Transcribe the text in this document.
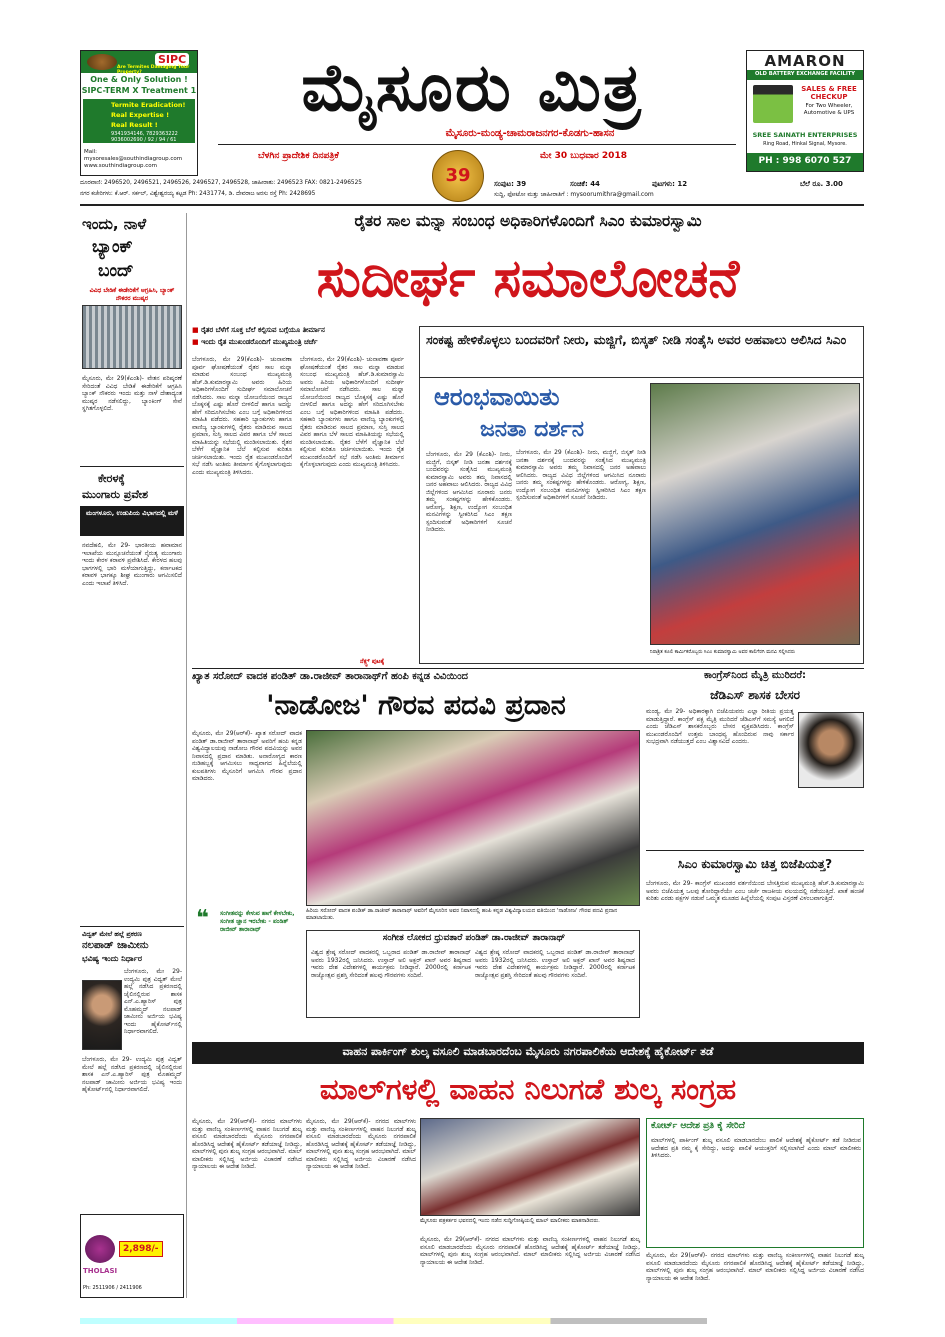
SIPC
Are Termites Damaging Your Property?
One & Only Solution !
SIPC-TERM X Treatment 1
Termite Eradication!
Real Expertise !
Real Result !
9341934146, 7829363222 9036002690 / 92 / 94 / 61
Mail: mysoresales@southindiagroup.com www.southindiagroup.com
AMARON
OLD BATTERY EXCHANGE FACILITY
SALES & FREE CHECKUP
For Two Wheeler, Automotive & UPS
SREE SAINATH ENTERPRISES
Ring Road, Hinkal Signal, Mysore.
PH : 998 6070 527
ಮೈಸೂರು ಮಿತ್ರ
ಮೈಸೂರು-ಮಂಡ್ಯ-ಚಾಮರಾಜನಗರ-ಕೊಡಗು-ಹಾಸನ
ಬೆಳಗಿನ ಪ್ರಾದೇಶಿಕ ದಿನಪತ್ರಿಕೆ
39
ಮೇ 30 ಬುಧವಾರ 2018
ದೂರವಾಣಿ: 2496520, 2496521, 2496526, 2496527, 2496528, ಜಾಹೀರಾತು: 2496523 FAX: 0821-2496525
ನಗರ ಕಚೇರಿಗಳು: ಕೆ.ಆರ್. ಸರ್ಕಲ್, ವಿಶ್ವೇಶ್ವರಯ್ಯ ಕಟ್ಟಡ Ph: 2431774, ಡಿ. ದೇವರಾಜ ಅರಸು ರಸ್ತೆ Ph: 2428695
ಸಂಪುಟ: 39	ಸಂಚಿಕೆ: 44	ಪುಟಗಳು: 12	ಬೆಲೆ ರೂ. 3.00
ಸುದ್ದಿ, ಫೋಟೋ ಮತ್ತು ಜಾಹೀರಾತಿಗೆ : mysoorumithra@gmail.com
ಇಂದು, ನಾಳೆ
ಬ್ಯಾಂಕ್
ಬಂದ್
ವಿವಿಧ ಬೇಡಿಕೆ ಈಡೇರಿಕೆಗೆ ಆಗ್ರಹಿಸಿ, ಬ್ಯಾಂಕ್ ನೌಕರರ ಮುಷ್ಕರ
ಮೈಸೂರು, ಮೇ 29(ಕೆಎಂಶಿ)- ವೇತನ ಪರಿಷ್ಕರಣೆ ಸೇರಿದಂತೆ ವಿವಿಧ ಬೇಡಿಕೆ ಈಡೇರಿಕೆಗೆ ಆಗ್ರಹಿಸಿ ಬ್ಯಾಂಕ್ ನೌಕರರು ಇಂದು ಮತ್ತು ನಾಳೆ ದೇಶಾದ್ಯಂತ ಮುಷ್ಕರ ನಡೆಸಲಿದ್ದು, ಬ್ಯಾಂಕಿಂಗ್ ಸೇವೆ ಸ್ಥಗಿತಗೊಳ್ಳಲಿದೆ.
ಕೇರಳಕ್ಕೆ
ಮುಂಗಾರು ಪ್ರವೇಶ
ಮಂಗಳೂರು, ಉಡುಪಿಯ ವಿಭಾಗದಲ್ಲಿ ಮಳೆ
ನವದೆಹಲಿ, ಮೇ 29- ಭಾರತೀಯ ಹವಾಮಾನ ಇಲಾಖೆಯ ಮುನ್ಸೂಚನೆಯಂತೆ ನೈರುತ್ಯ ಮುಂಗಾರು ಇಂದು ಕೇರಳ ಕರಾವಳಿ ಪ್ರವೇಶಿಸಿದೆ. ಕೇರಳದ ಹಲವು ಭಾಗಗಳಲ್ಲಿ ಭಾರಿ ಮಳೆಯಾಗುತ್ತಿದ್ದು, ಕರ್ನಾಟಕದ ಕರಾವಳಿ ಭಾಗಕ್ಕೂ ಶೀಘ್ರ ಮುಂಗಾರು ಆಗಮಿಸಲಿದೆ ಎಂದು ಇಲಾಖೆ ತಿಳಿಸಿದೆ.
ವಿದ್ವತ್ ಮೇಲೆ ಹಲ್ಲೆ ಪ್ರಕರಣ
ನಲಪಾಡ್ ಜಾಮೀನು
ಭವಿಷ್ಯ ಇಂದು ನಿರ್ಧಾರ
ಬೆಂಗಳೂರು, ಮೇ 29- ಉದ್ಯಮಿ ಪುತ್ರ ವಿದ್ವತ್ ಮೇಲೆ ಹಲ್ಲೆ ನಡೆಸಿದ ಪ್ರಕರಣದಲ್ಲಿ ಜೈಲಿನಲ್ಲಿರುವ ಶಾಸಕ ಎನ್.ಎ.ಹ್ಯಾರಿಸ್ ಪುತ್ರ ಮೊಹಮ್ಮದ್ ನಲಪಾಡ್ ಜಾಮೀನು ಅರ್ಜಿಯ ಭವಿಷ್ಯ ಇಂದು ಹೈಕೋರ್ಟ್‌ನಲ್ಲಿ ನಿರ್ಧಾರವಾಗಲಿದೆ.
ಬೆಂಗಳೂರು, ಮೇ 29- ಉದ್ಯಮಿ ಪುತ್ರ ವಿದ್ವತ್ ಮೇಲೆ ಹಲ್ಲೆ ನಡೆಸಿದ ಪ್ರಕರಣದಲ್ಲಿ ಜೈಲಿನಲ್ಲಿರುವ ಶಾಸಕ ಎನ್.ಎ.ಹ್ಯಾರಿಸ್ ಪುತ್ರ ಮೊಹಮ್ಮದ್ ನಲಪಾಡ್ ಜಾಮೀನು ಅರ್ಜಿಯ ಭವಿಷ್ಯ ಇಂದು ಹೈಕೋರ್ಟ್‌ನಲ್ಲಿ ನಿರ್ಧಾರವಾಗಲಿದೆ.
THOLASI
2,898/-
Ph: 2511906 / 2411906
ರೈತರ ಸಾಲ ಮನ್ನಾ ಸಂಬಂಧ ಅಧಿಕಾರಿಗಳೊಂದಿಗೆ ಸಿಎಂ ಕುಮಾರಸ್ವಾಮಿ
ಸುದೀರ್ಘ ಸಮಾಲೋಚನೆ
■ ರೈತರ ಬೆಳೆಗೆ ಸೂಕ್ತ ಬೆಲೆ ಕಲ್ಪಿಸುವ ಬಗ್ಗೆಯೂ ತೀರ್ಮಾನ
■ ಇಂದು ರೈತ ಮುಖಂಡರೊಂದಿಗೆ ಮುಖ್ಯಮಂತ್ರಿ ಚರ್ಚೆ
ಬೆಂಗಳೂರು, ಮೇ 29(ಕೆಎಂಶಿ)- ಚುನಾವಣಾ ಪೂರ್ವ ಘೋಷಣೆಯಂತೆ ರೈತರ ಸಾಲ ಮನ್ನಾ ಮಾಡುವ ಸಂಬಂಧ ಮುಖ್ಯಮಂತ್ರಿ ಹೆಚ್.ಡಿ.ಕುಮಾರಸ್ವಾಮಿ ಅವರು ಹಿರಿಯ ಅಧಿಕಾರಿಗಳೊಂದಿಗೆ ಸುದೀರ್ಘ ಸಮಾಲೋಚನೆ ನಡೆಸಿದರು. ಸಾಲ ಮನ್ನಾ ಯೋಜನೆಯಿಂದ ರಾಜ್ಯದ ಬೊಕ್ಕಸಕ್ಕೆ ಎಷ್ಟು ಹೊರೆ ಬೀಳಲಿದೆ ಹಾಗೂ ಅದನ್ನು ಹೇಗೆ ಸರಿದೂಗಿಸಬೇಕು ಎಂಬ ಬಗ್ಗೆ ಅಧಿಕಾರಿಗಳಿಂದ ಮಾಹಿತಿ ಪಡೆದರು. ಸಹಕಾರಿ ಬ್ಯಾಂಕುಗಳು ಹಾಗೂ ವಾಣಿಜ್ಯ ಬ್ಯಾಂಕುಗಳಲ್ಲಿ ರೈತರು ಮಾಡಿರುವ ಸಾಲದ ಪ್ರಮಾಣ, ಸುಸ್ತಿ ಸಾಲದ ವಿವರ ಹಾಗೂ ಬೆಳೆ ಸಾಲದ ಮಾಹಿತಿಯನ್ನು ಸಭೆಯಲ್ಲಿ ಮಂಡಿಸಲಾಯಿತು. ರೈತರ ಬೆಳೆಗೆ ವೈಜ್ಞಾನಿಕ ಬೆಲೆ ಕಲ್ಪಿಸುವ ಕುರಿತೂ ಚರ್ಚಿಸಲಾಯಿತು. ಇಂದು ರೈತ ಮುಖಂಡರೊಂದಿಗೆ ಸಭೆ ನಡೆಸಿ ಅಂತಿಮ ತೀರ್ಮಾನ ಕೈಗೊಳ್ಳಲಾಗುವುದು ಎಂದು ಮುಖ್ಯಮಂತ್ರಿ ತಿಳಿಸಿದರು.
ಬೆಂಗಳೂರು, ಮೇ 29(ಕೆಎಂಶಿ)- ಚುನಾವಣಾ ಪೂರ್ವ ಘೋಷಣೆಯಂತೆ ರೈತರ ಸಾಲ ಮನ್ನಾ ಮಾಡುವ ಸಂಬಂಧ ಮುಖ್ಯಮಂತ್ರಿ ಹೆಚ್.ಡಿ.ಕುಮಾರಸ್ವಾಮಿ ಅವರು ಹಿರಿಯ ಅಧಿಕಾರಿಗಳೊಂದಿಗೆ ಸುದೀರ್ಘ ಸಮಾಲೋಚನೆ ನಡೆಸಿದರು. ಸಾಲ ಮನ್ನಾ ಯೋಜನೆಯಿಂದ ರಾಜ್ಯದ ಬೊಕ್ಕಸಕ್ಕೆ ಎಷ್ಟು ಹೊರೆ ಬೀಳಲಿದೆ ಹಾಗೂ ಅದನ್ನು ಹೇಗೆ ಸರಿದೂಗಿಸಬೇಕು ಎಂಬ ಬಗ್ಗೆ ಅಧಿಕಾರಿಗಳಿಂದ ಮಾಹಿತಿ ಪಡೆದರು. ಸಹಕಾರಿ ಬ್ಯಾಂಕುಗಳು ಹಾಗೂ ವಾಣಿಜ್ಯ ಬ್ಯಾಂಕುಗಳಲ್ಲಿ ರೈತರು ಮಾಡಿರುವ ಸಾಲದ ಪ್ರಮಾಣ, ಸುಸ್ತಿ ಸಾಲದ ವಿವರ ಹಾಗೂ ಬೆಳೆ ಸಾಲದ ಮಾಹಿತಿಯನ್ನು ಸಭೆಯಲ್ಲಿ ಮಂಡಿಸಲಾಯಿತು. ರೈತರ ಬೆಳೆಗೆ ವೈಜ್ಞಾನಿಕ ಬೆಲೆ ಕಲ್ಪಿಸುವ ಕುರಿತೂ ಚರ್ಚಿಸಲಾಯಿತು. ಇಂದು ರೈತ ಮುಖಂಡರೊಂದಿಗೆ ಸಭೆ ನಡೆಸಿ ಅಂತಿಮ ತೀರ್ಮಾನ ಕೈಗೊಳ್ಳಲಾಗುವುದು ಎಂದು ಮುಖ್ಯಮಂತ್ರಿ ತಿಳಿಸಿದರು.
ನೆಕ್ಸ್ಟ್ ಪುಟಕ್ಕೆ
ಸಂಕಷ್ಟ ಹೇಳಿಕೊಳ್ಳಲು ಬಂದವರಿಗೆ ನೀರು, ಮಜ್ಜಿಗೆ, ಬಿಸ್ಕತ್ ನೀಡಿ ಸಂತೈಸಿ ಅವರ ಅಹವಾಲು ಆಲಿಸಿದ ಸಿಎಂ
ಆರಂಭವಾಯಿತು
ಜನತಾ ದರ್ಶನ
ಬೆಂಗಳೂರು, ಮೇ 29 (ಕೆಎಂಶಿ)- ನೀರು, ಮಜ್ಜಿಗೆ, ಬಿಸ್ಕತ್ ನೀಡಿ ಜನತಾ ದರ್ಶನಕ್ಕೆ ಬಂದವರನ್ನು ಸಂತೈಸಿದ ಮುಖ್ಯಮಂತ್ರಿ ಕುಮಾರಸ್ವಾಮಿ ಅವರು ತಮ್ಮ ನಿವಾಸದಲ್ಲಿ ಜನರ ಅಹವಾಲು ಆಲಿಸಿದರು. ರಾಜ್ಯದ ವಿವಿಧ ಜಿಲ್ಲೆಗಳಿಂದ ಆಗಮಿಸಿದ ನೂರಾರು ಜನರು ತಮ್ಮ ಸಂಕಷ್ಟಗಳನ್ನು ಹೇಳಿಕೊಂಡರು. ಆರೋಗ್ಯ, ಶಿಕ್ಷಣ, ಉದ್ಯೋಗ ಸಂಬಂಧಿತ ಮನವಿಗಳನ್ನು ಸ್ವೀಕರಿಸಿದ ಸಿಎಂ ತಕ್ಷಣ ಸ್ಪಂದಿಸುವಂತೆ ಅಧಿಕಾರಿಗಳಿಗೆ ಸೂಚನೆ ನೀಡಿದರು.
ಬೆಂಗಳೂರು, ಮೇ 29 (ಕೆಎಂಶಿ)- ನೀರು, ಮಜ್ಜಿಗೆ, ಬಿಸ್ಕತ್ ನೀಡಿ ಜನತಾ ದರ್ಶನಕ್ಕೆ ಬಂದವರನ್ನು ಸಂತೈಸಿದ ಮುಖ್ಯಮಂತ್ರಿ ಕುಮಾರಸ್ವಾಮಿ ಅವರು ತಮ್ಮ ನಿವಾಸದಲ್ಲಿ ಜನರ ಅಹವಾಲು ಆಲಿಸಿದರು. ರಾಜ್ಯದ ವಿವಿಧ ಜಿಲ್ಲೆಗಳಿಂದ ಆಗಮಿಸಿದ ನೂರಾರು ಜನರು ತಮ್ಮ ಸಂಕಷ್ಟಗಳನ್ನು ಹೇಳಿಕೊಂಡರು. ಆರೋಗ್ಯ, ಶಿಕ್ಷಣ, ಉದ್ಯೋಗ ಸಂಬಂಧಿತ ಮನವಿಗಳನ್ನು ಸ್ವೀಕರಿಸಿದ ಸಿಎಂ ತಕ್ಷಣ ಸ್ಪಂದಿಸುವಂತೆ ಅಧಿಕಾರಿಗಳಿಗೆ ಸೂಚನೆ ನೀಡಿದರು.
ನಿರಾಶ್ರಿತ ಕೂಲಿ ಕಾರ್ಮಿಕರೊಬ್ಬರು ಸಿಎಂ ಕುಮಾರಸ್ವಾಮಿ ಅವರ ಕಾಲಿಗೆರಗಿ ಮನವಿ ಸಲ್ಲಿಸಿದರು
ಖ್ಯಾತ ಸರೋದ್ ವಾದಕ ಪಂಡಿತ್ ಡಾ.ರಾಜೀವ್ ತಾರಾನಾಥ್‌ಗೆ ಹಂಪಿ ಕನ್ನಡ ವಿವಿಯಿಂದ
'ನಾಡೋಜ' ಗೌರವ ಪದವಿ ಪ್ರದಾನ
ಮೈಸೂರು, ಮೇ 29(ಆರ್‌ಕೆ)- ಖ್ಯಾತ ಸರೋದ್ ವಾದಕ ಪಂಡಿತ್ ಡಾ.ರಾಜೀವ್ ತಾರಾನಾಥ್ ಅವರಿಗೆ ಹಂಪಿ ಕನ್ನಡ ವಿಶ್ವವಿದ್ಯಾಲಯವು ನಾಡೋಜ ಗೌರವ ಪದವಿಯನ್ನು ಅವರ ನಿವಾಸದಲ್ಲಿ ಪ್ರದಾನ ಮಾಡಿತು. ಅನಾರೋಗ್ಯದ ಕಾರಣ ನುಡಿಹಬ್ಬಕ್ಕೆ ಆಗಮಿಸಲು ಸಾಧ್ಯವಾಗದ ಹಿನ್ನೆಲೆಯಲ್ಲಿ ಕುಲಪತಿಗಳು ಮೈಸೂರಿಗೆ ಆಗಮಿಸಿ ಗೌರವ ಪ್ರದಾನ ಮಾಡಿದರು.
ಹಿರಿಯ ಸರೋದ್ ವಾದಕ ಪಂಡಿತ್ ಡಾ.ರಾಜೀವ್ ತಾರಾನಾಥ್ ಅವರಿಗೆ ಮೈಸೂರಿನ ಅವರ ನಿವಾಸದಲ್ಲಿ ಹಂಪಿ ಕನ್ನಡ ವಿಶ್ವವಿದ್ಯಾಲಯದ ವತಿಯಿಂದ 'ನಾಡೋಜ' ಗೌರವ ಪದವಿ ಪ್ರದಾನ ಮಾಡಲಾಯಿತು.
❝ ಸಂಗೀತವನ್ನು ಕೇಳುವ ಹಾಗೆ ಕೇಳಬೇಕು, ಸಂಗೀತ ಜ್ಞಾನ ಇರಬೇಕು - ಪಂಡಿತ್ ರಾಜೀವ್ ತಾರಾನಾಥ್
ಸಂಗೀತ ಲೋಕದ ಧ್ರುವತಾರೆ ಪಂಡಿತ್ ಡಾ.ರಾಜೀವ್ ತಾರಾನಾಥ್
ವಿಶ್ವದ ಶ್ರೇಷ್ಠ ಸರೋದ್ ವಾದಕರಲ್ಲಿ ಒಬ್ಬರಾದ ಪಂಡಿತ್ ಡಾ.ರಾಜೀವ್ ತಾರಾನಾಥ್ ಅವರು 1932ರಲ್ಲಿ ಜನಿಸಿದರು. ಉಸ್ತಾದ್ ಅಲಿ ಅಕ್ಬರ್ ಖಾನ್ ಅವರ ಶಿಷ್ಯರಾದ ಇವರು ದೇಶ ವಿದೇಶಗಳಲ್ಲಿ ಕಾರ್ಯಕ್ರಮ ನೀಡಿದ್ದಾರೆ. 2000ರಲ್ಲಿ ಕರ್ನಾಟಕ ರಾಜ್ಯೋತ್ಸವ ಪ್ರಶಸ್ತಿ ಸೇರಿದಂತೆ ಹಲವು ಗೌರವಗಳು ಸಂದಿವೆ.
ವಿಶ್ವದ ಶ್ರೇಷ್ಠ ಸರೋದ್ ವಾದಕರಲ್ಲಿ ಒಬ್ಬರಾದ ಪಂಡಿತ್ ಡಾ.ರಾಜೀವ್ ತಾರಾನಾಥ್ ಅವರು 1932ರಲ್ಲಿ ಜನಿಸಿದರು. ಉಸ್ತಾದ್ ಅಲಿ ಅಕ್ಬರ್ ಖಾನ್ ಅವರ ಶಿಷ್ಯರಾದ ಇವರು ದೇಶ ವಿದೇಶಗಳಲ್ಲಿ ಕಾರ್ಯಕ್ರಮ ನೀಡಿದ್ದಾರೆ. 2000ರಲ್ಲಿ ಕರ್ನಾಟಕ ರಾಜ್ಯೋತ್ಸವ ಪ್ರಶಸ್ತಿ ಸೇರಿದಂತೆ ಹಲವು ಗೌರವಗಳು ಸಂದಿವೆ.
ಕಾಂಗ್ರೆಸ್‌ನಿಂದ ಮೈತ್ರಿ ಮುರಿದರೆ:
ಜೆಡಿಎಸ್ ಶಾಸಕ ಬೇಸರ
ಮಂಡ್ಯ, ಮೇ 29- ಅಧಿಕಾರಕ್ಕಾಗಿ ಬಿಜೆಪಿಯವರು ಎಲ್ಲಾ ರೀತಿಯ ಪ್ರಯತ್ನ ಮಾಡುತ್ತಿದ್ದಾರೆ. ಕಾಂಗ್ರೆಸ್ ಪಕ್ಷ ಮೈತ್ರಿ ಮುರಿದರೆ ಜೆಡಿಎಸ್‌ಗೆ ಸಮಸ್ಯೆ ಆಗಲಿದೆ ಎಂದು ಜೆಡಿಎಸ್ ಶಾಸಕರೊಬ್ಬರು ಬೇಸರ ವ್ಯಕ್ತಪಡಿಸಿದರು. ಕಾಂಗ್ರೆಸ್ ಮುಖಂಡರೊಂದಿಗೆ ಉತ್ತಮ ಬಾಂಧವ್ಯ ಹೊಂದಿರುವ ನಾವು ಸರ್ಕಾರ ಸುಭದ್ರವಾಗಿ ನಡೆಯುತ್ತದೆ ಎಂಬ ವಿಶ್ವಾಸವಿದೆ ಎಂದರು.
ಸಿಎಂ ಕುಮಾರಸ್ವಾಮಿ ಚಿತ್ತ ಬಿಜೆಪಿಯತ್ತ?
ಬೆಂಗಳೂರು, ಮೇ 29- ಕಾಂಗ್ರೆಸ್ ಮುಖಂಡರ ವರ್ತನೆಯಿಂದ ಬೇಸತ್ತಿರುವ ಮುಖ್ಯಮಂತ್ರಿ ಹೆಚ್.ಡಿ.ಕುಮಾರಸ್ವಾಮಿ ಅವರು ಬಿಜೆಪಿಯತ್ತ ಒಲವು ತೋರಿದ್ದಾರೆಯೇ ಎಂಬ ಚರ್ಚೆ ರಾಜಕೀಯ ವಲಯದಲ್ಲಿ ನಡೆಯುತ್ತಿದೆ. ಖಾತೆ ಹಂಚಿಕೆ ಕುರಿತು ಎರಡು ಪಕ್ಷಗಳ ನಡುವೆ ಒಮ್ಮತ ಮೂಡದ ಹಿನ್ನೆಲೆಯಲ್ಲಿ ಸಂಪುಟ ವಿಸ್ತರಣೆ ವಿಳಂಬವಾಗುತ್ತಿದೆ.
ವಾಹನ ಪಾರ್ಕಿಂಗ್ ಶುಲ್ಕ ವಸೂಲಿ ಮಾಡಬಾರದೆಂಬ ಮೈಸೂರು ನಗರಪಾಲಿಕೆಯ ಆದೇಶಕ್ಕೆ ಹೈಕೋರ್ಟ್ ತಡೆ
ಮಾಲ್‌ಗಳಲ್ಲಿ ವಾಹನ ನಿಲುಗಡೆ ಶುಲ್ಕ ಸಂಗ್ರಹ
ಮೈಸೂರು, ಮೇ 29(ಆರ್‌ಕೆ)- ನಗರದ ಮಾಲ್‌ಗಳು ಮತ್ತು ವಾಣಿಜ್ಯ ಸಂಕೀರ್ಣಗಳಲ್ಲಿ ವಾಹನ ನಿಲುಗಡೆ ಶುಲ್ಕ ವಸೂಲಿ ಮಾಡಬಾರದೆಂದು ಮೈಸೂರು ನಗರಪಾಲಿಕೆ ಹೊರಡಿಸಿದ್ದ ಆದೇಶಕ್ಕೆ ಹೈಕೋರ್ಟ್ ತಡೆಯಾಜ್ಞೆ ನೀಡಿದ್ದು, ಮಾಲ್‌ಗಳಲ್ಲಿ ಪುನಃ ಶುಲ್ಕ ಸಂಗ್ರಹ ಆರಂಭವಾಗಿದೆ. ಮಾಲ್ ಮಾಲೀಕರು ಸಲ್ಲಿಸಿದ್ದ ಅರ್ಜಿಯ ವಿಚಾರಣೆ ನಡೆಸಿದ ನ್ಯಾಯಾಲಯ ಈ ಆದೇಶ ನೀಡಿದೆ.
ಮೈಸೂರು, ಮೇ 29(ಆರ್‌ಕೆ)- ನಗರದ ಮಾಲ್‌ಗಳು ಮತ್ತು ವಾಣಿಜ್ಯ ಸಂಕೀರ್ಣಗಳಲ್ಲಿ ವಾಹನ ನಿಲುಗಡೆ ಶುಲ್ಕ ವಸೂಲಿ ಮಾಡಬಾರದೆಂದು ಮೈಸೂರು ನಗರಪಾಲಿಕೆ ಹೊರಡಿಸಿದ್ದ ಆದೇಶಕ್ಕೆ ಹೈಕೋರ್ಟ್ ತಡೆಯಾಜ್ಞೆ ನೀಡಿದ್ದು, ಮಾಲ್‌ಗಳಲ್ಲಿ ಪುನಃ ಶುಲ್ಕ ಸಂಗ್ರಹ ಆರಂಭವಾಗಿದೆ. ಮಾಲ್ ಮಾಲೀಕರು ಸಲ್ಲಿಸಿದ್ದ ಅರ್ಜಿಯ ವಿಚಾರಣೆ ನಡೆಸಿದ ನ್ಯಾಯಾಲಯ ಈ ಆದೇಶ ನೀಡಿದೆ.
ಮೈಸೂರು ಪತ್ರಕರ್ತರ ಭವನದಲ್ಲಿ ಇಂದು ನಡೆದ ಸುದ್ದಿಗೋಷ್ಠಿಯಲ್ಲಿ ಮಾಲ್ ಮಾಲೀಕರು ಮಾತನಾಡಿದರು.
ಮೈಸೂರು, ಮೇ 29(ಆರ್‌ಕೆ)- ನಗರದ ಮಾಲ್‌ಗಳು ಮತ್ತು ವಾಣಿಜ್ಯ ಸಂಕೀರ್ಣಗಳಲ್ಲಿ ವಾಹನ ನಿಲುಗಡೆ ಶುಲ್ಕ ವಸೂಲಿ ಮಾಡಬಾರದೆಂದು ಮೈಸೂರು ನಗರಪಾಲಿಕೆ ಹೊರಡಿಸಿದ್ದ ಆದೇಶಕ್ಕೆ ಹೈಕೋರ್ಟ್ ತಡೆಯಾಜ್ಞೆ ನೀಡಿದ್ದು, ಮಾಲ್‌ಗಳಲ್ಲಿ ಪುನಃ ಶುಲ್ಕ ಸಂಗ್ರಹ ಆರಂಭವಾಗಿದೆ. ಮಾಲ್ ಮಾಲೀಕರು ಸಲ್ಲಿಸಿದ್ದ ಅರ್ಜಿಯ ವಿಚಾರಣೆ ನಡೆಸಿದ ನ್ಯಾಯಾಲಯ ಈ ಆದೇಶ ನೀಡಿದೆ.
ಕೋರ್ಟ್ ಆದೇಶ ಪ್ರತಿ ಕೈ ಸೇರಿದೆ
ಮಾಲ್‌ಗಳಲ್ಲಿ ಪಾರ್ಕಿಂಗ್ ಶುಲ್ಕ ವಸೂಲಿ ಮಾಡಬಾರದೆಂಬ ಪಾಲಿಕೆ ಆದೇಶಕ್ಕೆ ಹೈಕೋರ್ಟ್ ತಡೆ ನೀಡಿರುವ ಆದೇಶದ ಪ್ರತಿ ನಮ್ಮ ಕೈ ಸೇರಿದ್ದು, ಅದನ್ನು ಪಾಲಿಕೆ ಆಯುಕ್ತರಿಗೆ ಸಲ್ಲಿಸಲಾಗಿದೆ ಎಂದು ಮಾಲ್ ಮಾಲೀಕರು ತಿಳಿಸಿದರು.
ಮೈಸೂರು, ಮೇ 29(ಆರ್‌ಕೆ)- ನಗರದ ಮಾಲ್‌ಗಳು ಮತ್ತು ವಾಣಿಜ್ಯ ಸಂಕೀರ್ಣಗಳಲ್ಲಿ ವಾಹನ ನಿಲುಗಡೆ ಶುಲ್ಕ ವಸೂಲಿ ಮಾಡಬಾರದೆಂದು ಮೈಸೂರು ನಗರಪಾಲಿಕೆ ಹೊರಡಿಸಿದ್ದ ಆದೇಶಕ್ಕೆ ಹೈಕೋರ್ಟ್ ತಡೆಯಾಜ್ಞೆ ನೀಡಿದ್ದು, ಮಾಲ್‌ಗಳಲ್ಲಿ ಪುನಃ ಶುಲ್ಕ ಸಂಗ್ರಹ ಆರಂಭವಾಗಿದೆ. ಮಾಲ್ ಮಾಲೀಕರು ಸಲ್ಲಿಸಿದ್ದ ಅರ್ಜಿಯ ವಿಚಾರಣೆ ನಡೆಸಿದ ನ್ಯಾಯಾಲಯ ಈ ಆದೇಶ ನೀಡಿದೆ.
